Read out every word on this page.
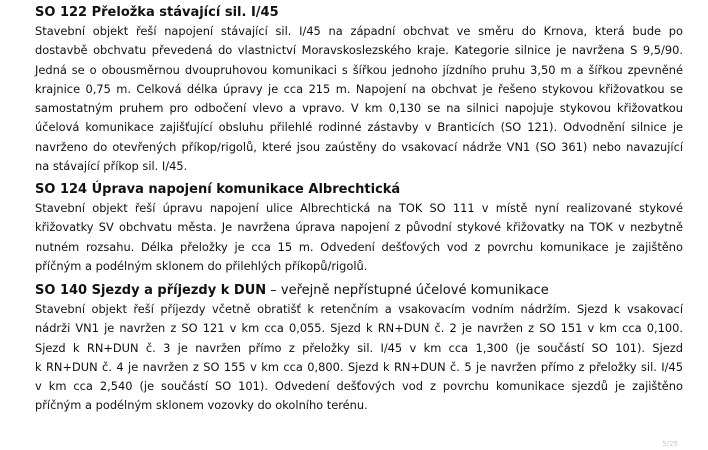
SO 122 Přeložka stávající sil. I/45

Stavební objekt řeší napojení stávající sil. I/45 na západní obchvat ve směru do Krnova, která bude po
dostavbě obchvatu převedená do vlastnictví Moravskoslezského kraje. Kategorie silnice je navržena S 9,5/90.
Jedná se o obousměrnou dvoupruhovou komunikaci s šířkou jednoho jízdního pruhu 3,50 m a šířkou zpevněné
krajnice 0,75 m. Celková délka úpravy je cca 215 m. Napojení na obchvat je řešeno stykovou křižovatkou se
samostatným pruhem pro odbočení vlevo a vpravo. V km 0,130 se na silnici napojuje stykovou křižovatkou
účelová komunikace zajišťující obsluhu přilehlé rodinné zástavby v Branticích (SO 121). Odvodnění silnice je
navrženo do otevřených příkop/rigolů, které jsou zaústěny do vsakovací nádrže VN1 (SO 361) nebo navazující
na stávající příkop sil. I/45.

SO 124 Úprava napojení komunikace Albrechtická

Stavební objekt řeší úpravu napojení ulice Albrechtická na TOK SO 111 v místě nyní realizované stykové
křižovatky SV obchvatu města. Je navržena úprava napojení z původní stykové křižovatky na TOK v nezbytně
nutném rozsahu. Délka přeložky je cca 15 m. Odvedení dešťových vod z povrchu komunikace je zajištěno
příčným a podélným sklonem do přilehlých příkopů/rigolů.

SO 140 Sjezdy a příjezdy k DUN – veřejně nepřístupné účelové komunikace

Stavební objekt řeší příjezdy včetně obratišť k retenčním a vsakovacím vodním nádržím. Sjezd k vsakovací
nádrži VN1 je navržen z SO 121 v km cca 0,055. Sjezd k RN+DUN č. 2 je navržen z SO 151 v km cca 0,100.
Sjezd k RN+DUN č. 3 je navržen přímo z přeložky sil. I/45 v km cca 1,300 (je součástí SO 101). Sjezd
k RN+DUN č. 4 je navržen z SO 155 v km cca 0,800. Sjezd k RN+DUN č. 5 je navržen přímo z přeložky sil. I/45
v km cca 2,540 (je součástí SO 101). Odvedení dešťových vod z povrchu komunikace sjezdů je zajištěno
příčným a podélným sklonem vozovky do okolního terénu.

5/25
